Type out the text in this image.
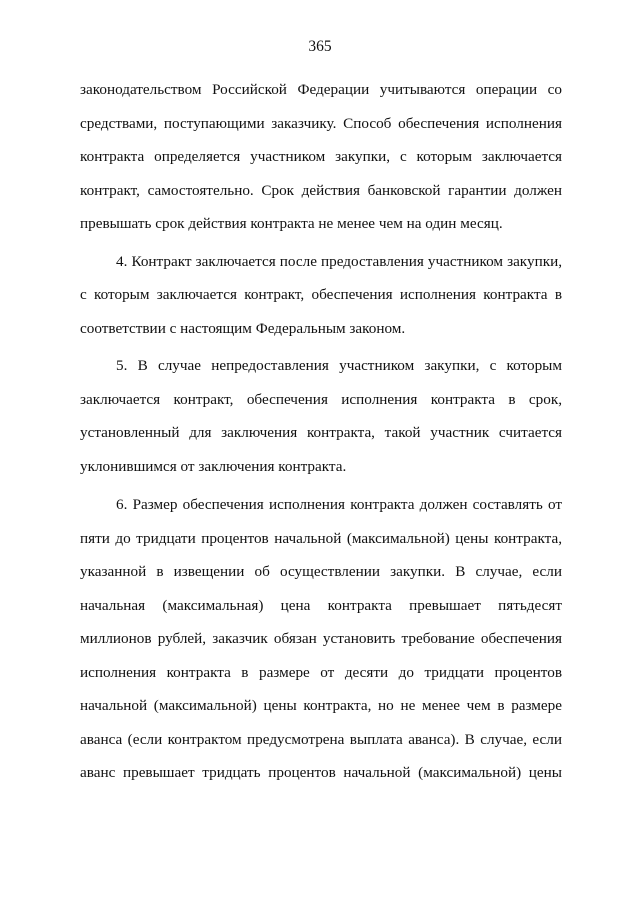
365
законодательством Российской Федерации учитываются операции со
средствами, поступающими заказчику. Способ обеспечения исполнения
контракта определяется участником закупки, с которым заключается
контракт, самостоятельно. Срок действия банковской гарантии должен
превышать срок действия контракта не менее чем на один месяц.
4. Контракт заключается после предоставления участником закупки,
с которым заключается контракт, обеспечения исполнения контракта в
соответствии с настоящим Федеральным законом.
5. В случае непредоставления участником закупки, с которым
заключается контракт, обеспечения исполнения контракта в срок,
установленный для заключения контракта, такой участник считается
уклонившимся от заключения контракта.
6. Размер обеспечения исполнения контракта должен составлять от
пяти до тридцати процентов начальной (максимальной) цены контракта,
указанной в извещении об осуществлении закупки. В случае, если
начальная (максимальная) цена контракта превышает пятьдесят
миллионов рублей, заказчик обязан установить требование обеспечения
исполнения контракта в размере от десяти до тридцати процентов
начальной (максимальной) цены контракта, но не менее чем в размере
аванса (если контрактом предусмотрена выплата аванса). В случае, если
аванс превышает тридцать процентов начальной (максимальной) цены
